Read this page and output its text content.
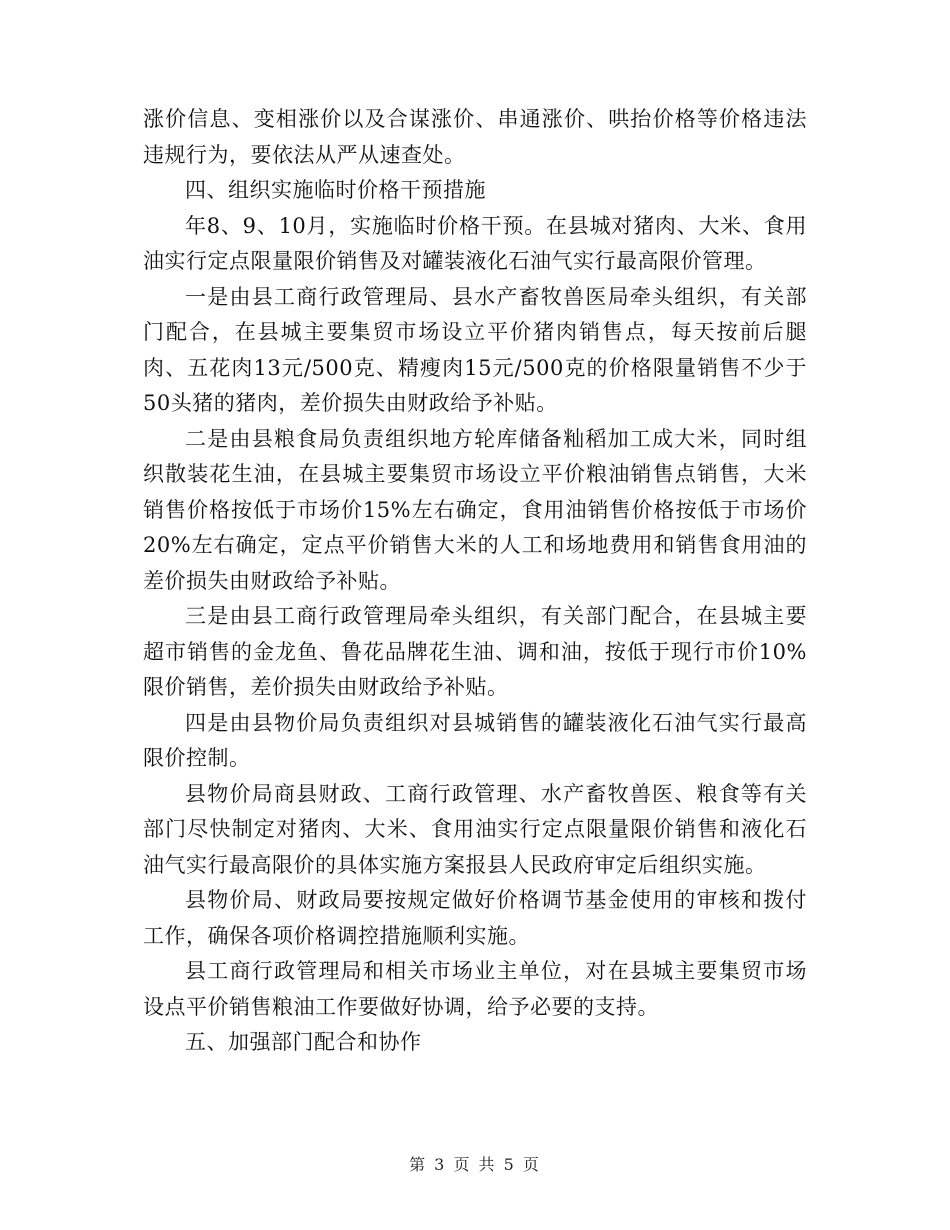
涨价信息、变相涨价以及合谋涨价、串通涨价、哄抬价格等价格违法违规行为，要依法从严从速查处。

四、组织实施临时价格干预措施

年8、9、10月，实施临时价格干预。在县城对猪肉、大米、食用油实行定点限量限价销售及对罐装液化石油气实行最高限价管理。

一是由县工商行政管理局、县水产畜牧兽医局牵头组织，有关部门配合，在县城主要集贸市场设立平价猪肉销售点，每天按前后腿肉、五花肉13元/500克、精瘦肉15元/500克的价格限量销售不少于50头猪的猪肉，差价损失由财政给予补贴。

二是由县粮食局负责组织地方轮库储备籼稻加工成大米，同时组织散装花生油，在县城主要集贸市场设立平价粮油销售点销售，大米销售价格按低于市场价15%左右确定，食用油销售价格按低于市场价20%左右确定，定点平价销售大米的人工和场地费用和销售食用油的差价损失由财政给予补贴。

三是由县工商行政管理局牵头组织，有关部门配合，在县城主要超市销售的金龙鱼、鲁花品牌花生油、调和油，按低于现行市价10%限价销售，差价损失由财政给予补贴。

四是由县物价局负责组织对县城销售的罐装液化石油气实行最高限价控制。

县物价局商县财政、工商行政管理、水产畜牧兽医、粮食等有关部门尽快制定对猪肉、大米、食用油实行定点限量限价销售和液化石油气实行最高限价的具体实施方案报县人民政府审定后组织实施。

县物价局、财政局要按规定做好价格调节基金使用的审核和拨付工作，确保各项价格调控措施顺利实施。

县工商行政管理局和相关市场业主单位，对在县城主要集贸市场设点平价销售粮油工作要做好协调，给予必要的支持。

五、加强部门配合和协作

第 3 页 共 5 页
